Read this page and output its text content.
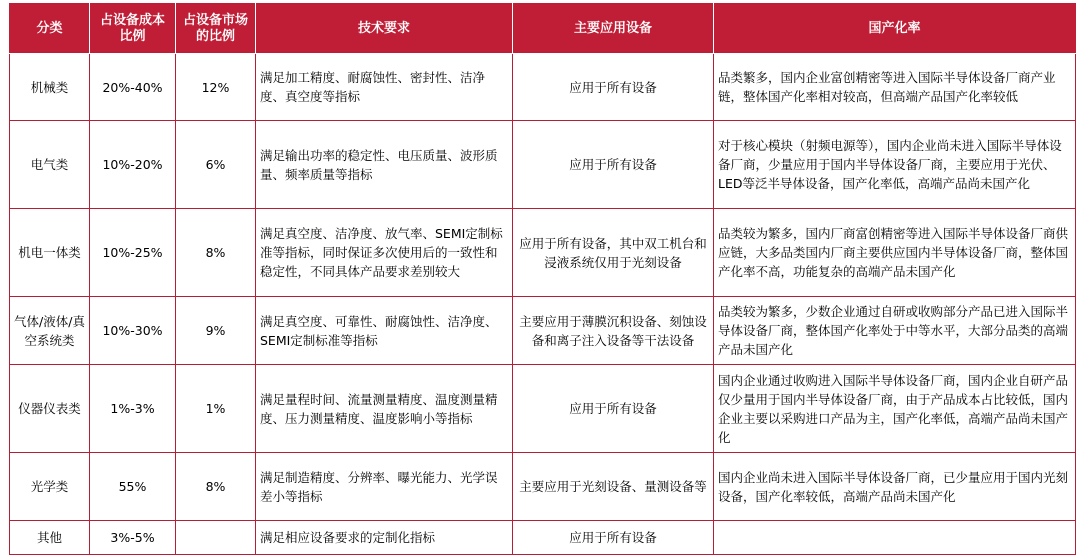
分类	占设备成本比例	占设备市场的比例	技术要求	主要应用设备	国产化率
机械类	20%-40%	12%	满足加工精度、耐腐蚀性、密封性、洁净度、真空度等指标	应用于所有设备	品类繁多，国内企业富创精密等进入国际半导体设备厂商产业链，整体国产化率相对较高，但高端产品国产化率较低
电气类	10%-20%	6%	满足输出功率的稳定性、电压质量、波形质量、频率质量等指标	应用于所有设备	对于核心模块（射频电源等），国内企业尚未进入国际半导体设备厂商，少量应用于国内半导体设备厂商，主要应用于光伏、LED等泛半导体设备，国产化率低，高端产品尚未国产化
机电一体类	10%-25%	8%	满足真空度、洁净度、放气率、SEMI定制标准等指标，同时保证多次使用后的一致性和稳定性，不同具体产品要求差别较大	应用于所有设备，其中双工机台和浸液系统仅用于光刻设备	品类较为繁多，国内厂商富创精密等进入国际半导体设备厂商供应链，大多品类国内厂商主要供应国内半导体设备厂商，整体国产化率不高，功能复杂的高端产品未国产化
气体/液体/真空系统类	10%-30%	9%	满足真空度、可靠性、耐腐蚀性、洁净度、SEMI定制标准等指标	主要应用于薄膜沉积设备、刻蚀设备和离子注入设备等干法设备	品类较为繁多，少数企业通过自研或收购部分产品已进入国际半导体设备厂商，整体国产化率处于中等水平，大部分品类的高端产品未国产化
仪器仪表类	1%-3%	1%	满足量程时间、流量测量精度、温度测量精度、压力测量精度、温度影响小等指标	应用于所有设备	国内企业通过收购进入国际半导体设备厂商，国内企业自研产品仅少量用于国内半导体设备厂商，由于产品成本占比较低，国内企业主要以采购进口产品为主，国产化率低，高端产品尚未国产化
光学类	55%	8%	满足制造精度、分辨率、曝光能力、光学误差小等指标	主要应用于光刻设备、量测设备等	国内企业尚未进入国际半导体设备厂商，已少量应用于国内光刻设备，国产化率较低，高端产品尚未国产化
其他	3%-5%		满足相应设备要求的定制化指标	应用于所有设备	
